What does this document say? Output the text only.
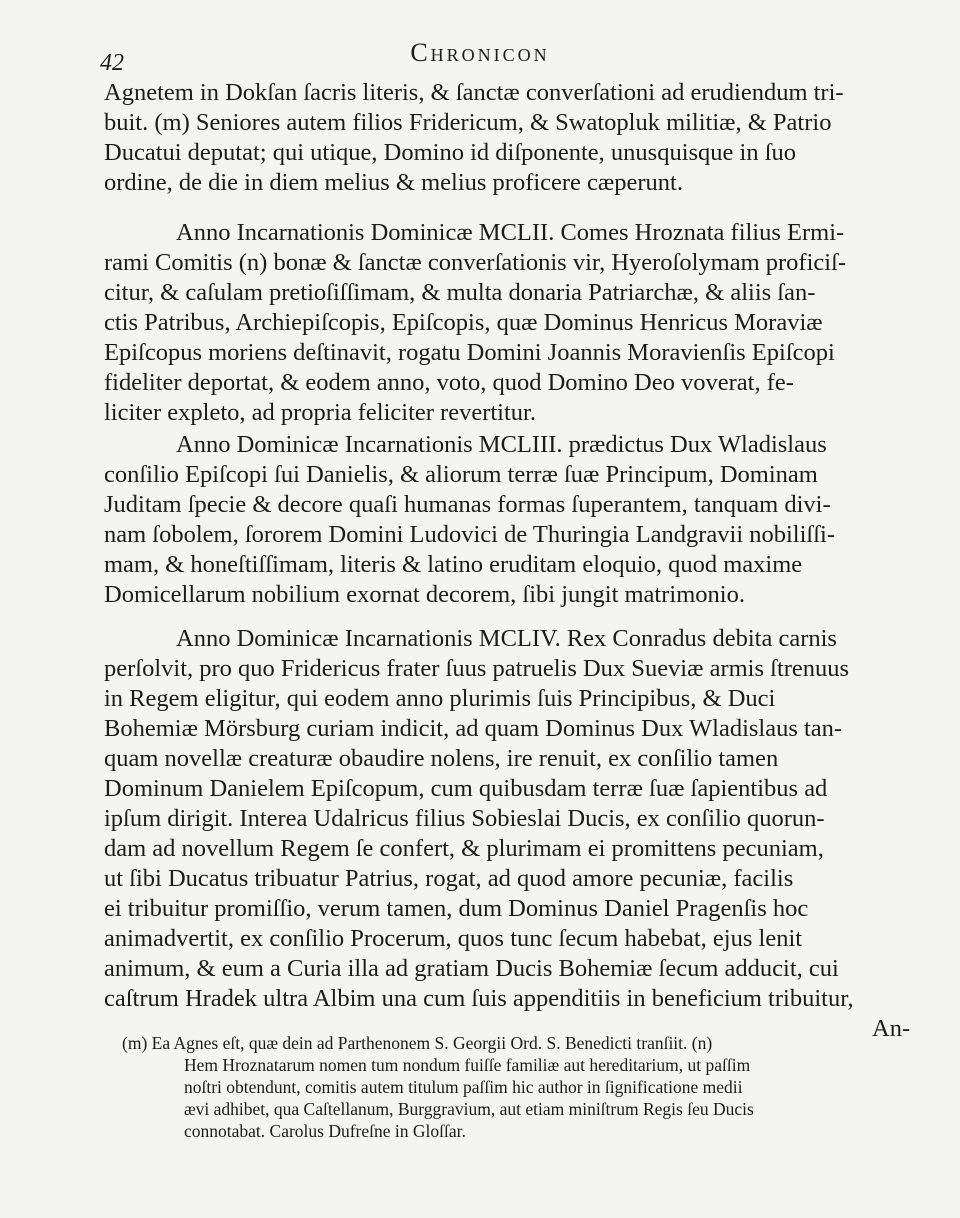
42	Chronicon
Agnetem in Dokſan ſacris literis, & ſanctæ converſationi ad erudiendum tri-
buit. (m) Seniores autem filios Fridericum, & Swatopluk militiæ, & Patrio
Ducatui deputat; qui utique, Domino id diſponente, unusquisque in ſuo
ordine, de die in diem melius & melius proficere cæperunt.
Anno Incarnationis Dominicæ MCLII. Comes Hroznata filius Ermi-
rami Comitis (n) bonæ & ſanctæ converſationis vir, Hyeroſolymam proficiſ-
citur, & caſulam pretioſiſſimam, & multa donaria Patriarchæ, & aliis ſan-
ctis Patribus, Archiepiſcopis, Epiſcopis, quæ Dominus Henricus Moraviæ
Epiſcopus moriens deſtinavit, rogatu Domini Joannis Moravienſis Epiſcopi
fideliter deportat, & eodem anno, voto, quod Domino Deo voverat, fe-
liciter expleto, ad propria feliciter revertitur.
Anno Dominicæ Incarnationis MCLIII. prædictus Dux Wladislaus
conſilio Epiſcopi ſui Danielis, & aliorum terræ ſuæ Principum, Dominam
Juditam ſpecie & decore quaſi humanas formas ſuperantem, tanquam divi-
nam ſobolem, ſororem Domini Ludovici de Thuringia Landgravii nobiliſſi-
mam, & honeſtiſſimam, literis & latino eruditam eloquio, quod maxime
Domicellarum nobilium exornat decorem, ſibi jungit matrimonio.
Anno Dominicæ Incarnationis MCLIV. Rex Conradus debita carnis
perſolvit, pro quo Fridericus frater ſuus patruelis Dux Sueviæ armis ſtrenuus
in Regem eligitur, qui eodem anno plurimis ſuis Principibus, & Duci
Bohemiæ Mörsburg curiam indicit, ad quam Dominus Dux Wladislaus tan-
quam novellæ creaturæ obaudire nolens, ire renuit, ex conſilio tamen
Dominum Danielem Epiſcopum, cum quibusdam terræ ſuæ ſapientibus ad
ipſum dirigit. Interea Udalricus filius Sobieslai Ducis, ex conſilio quorun-
dam ad novellum Regem ſe confert, & plurimam ei promittens pecuniam,
ut ſibi Ducatus tribuatur Patrius, rogat, ad quod amore pecuniæ, facilis
ei tribuitur promiſſio, verum tamen, dum Dominus Daniel Pragenſis hoc
animadvertit, ex conſilio Procerum, quos tunc ſecum habebat, ejus lenit
animum, & eum a Curia illa ad gratiam Ducis Bohemiæ ſecum adducit, cui
caſtrum Hradek ultra Albim una cum ſuis appenditiis in beneficium tribuitur,
An-
(m) Ea Agnes eſt, quæ dein ad Parthenonem S. Georgii Ord. S. Benedicti tranſiit. (n)
Hem Hroznatarum nomen tum nondum fuiſſe familiæ aut hereditarium, ut paſſim
noſtri obtendunt, comitis autem titulum paſſim hic author in ſignificatione medii
ævi adhibet, qua Caſtellanum, Burggravium, aut etiam miniſtrum Regis ſeu Ducis
connotabat. Carolus Dufreſne in Gloſſar.
